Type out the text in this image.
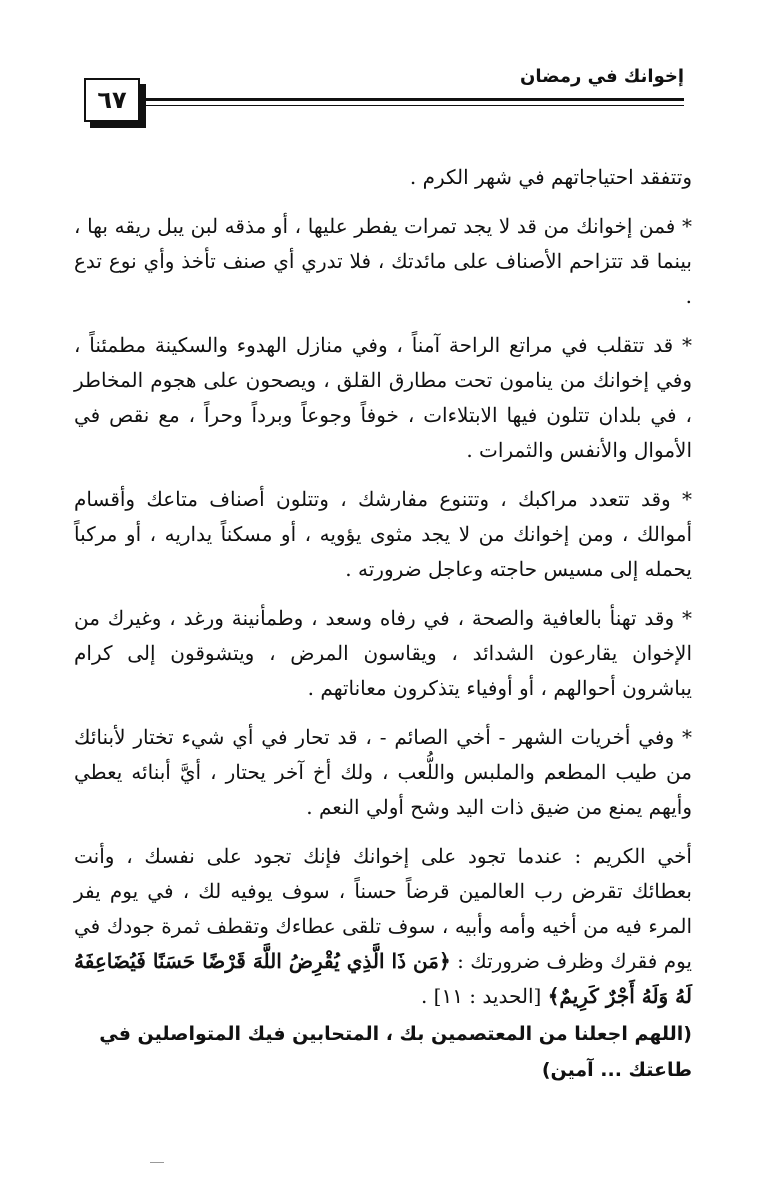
٦٧
إخوانك في رمضان

وتتفقد احتياجاتهم في شهر الكرم .

* فمن إخوانك من قد لا يجد تمرات يفطر عليها ، أو مذقه لبن يبل ريقه بها ، بينما قد تتزاحم الأصناف على مائدتك ، فلا تدري أي صنف تأخذ وأي نوع تدع .

* قد تتقلب في مراتع الراحة آمناً ، وفي منازل الهدوء والسكينة مطمئناً ، وفي إخوانك من ينامون تحت مطارق القلق ، ويصحون على هجوم المخاطر ، في بلدان تتلون فيها الابتلاءات ، خوفاً وجوعاً وبرداً وحراً ، مع نقص في الأموال والأنفس والثمرات .

* وقد تتعدد مراكبك ، وتتنوع مفارشك ، وتتلون أصناف متاعك وأقسام أموالك ، ومن إخوانك من لا يجد مثوى يؤويه ، أو مسكناً يداريه ، أو مركباً يحمله إلى مسيس حاجته وعاجل ضرورته .

* وقد تهنأ بالعافية والصحة ، في رفاه وسعد ، وطمأنينة ورغد ، وغيرك من الإخوان يقارعون الشدائد ، ويقاسون المرض ، ويتشوقون إلى كرام يباشرون أحوالهم ، أو أوفياء يتذكرون معاناتهم .

* وفي أخريات الشهر - أخي الصائم - ، قد تحار في أي شيء تختار لأبنائك من طيب المطعم والملبس واللُّعب ، ولك أخ آخر يحتار ، أيَّ أبنائه يعطي وأيهم يمنع من ضيق ذات اليد وشح أولي النعم .

أخي الكريم : عندما تجود على إخوانك فإنك تجود على نفسك ، وأنت بعطائك تقرض رب العالمين قرضاً حسناً ، سوف يوفيه لك ، في يوم يفر المرء فيه من أخيه وأمه وأبيه ، سوف تلقى عطاءك وتقطف ثمرة جودك في يوم فقرك وظرف ضرورتك : ﴿مَن ذَا الَّذِي يُقْرِضُ اللَّهَ قَرْضًا حَسَنًا فَيُضَاعِفَهُ لَهُ وَلَهُ أَجْرٌ كَرِيمٌ﴾ [الحديد : ١١] .

(اللهم اجعلنا من المعتصمين بك ، المتحابين فيك المتواصلين في طاعتك ... آمين)
